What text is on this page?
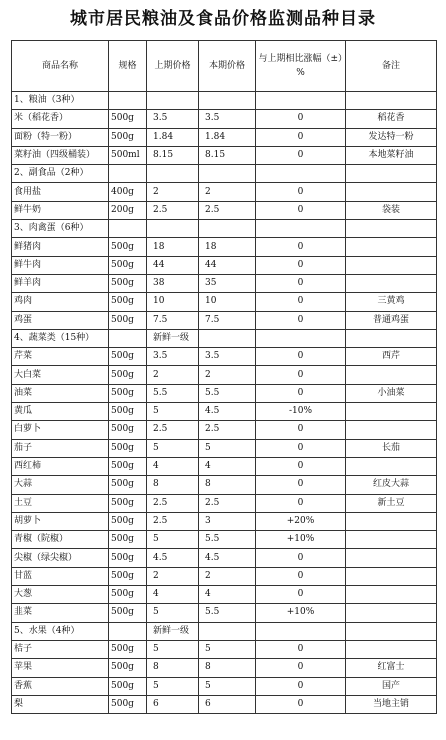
城市居民粮油及食品价格监测品种目录
商品名称	规格	上期价格	本期价格	与上期相比涨幅（±）%	备注
1、粮油（3种）					
米（稻花香）	500g	3.5	3.5	0	稻花香
面粉（特一粉）	500g	1.84	1.84	0	发达特一粉
菜籽油（四级桶装）	500ml	8.15	8.15	0	本地菜籽油
2、副食品（2种）					
食用盐	400g	2	2	0	
鲜牛奶	200g	2.5	2.5	0	袋装
3、肉禽蛋（6种）					
鲜猪肉	500g	18	18	0	
鲜牛肉	500g	44	44	0	
鲜羊肉	500g	38	35	0	
鸡肉	500g	10	10	0	三黄鸡
鸡蛋	500g	7.5	7.5	0	普通鸡蛋
4、蔬菜类（15种）		新鲜一级			
芹菜	500g	3.5	3.5	0	西芹
大白菜	500g	2	2	0	
油菜	500g	5.5	5.5	0	小油菜
黄瓜	500g	5	4.5	-10%	
白萝卜	500g	2.5	2.5	0	
茄子	500g	5	5	0	长茄
西红柿	500g	4	4	0	
大蒜	500g	8	8	0	红皮大蒜
土豆	500g	2.5	2.5	0	新土豆
胡萝卜	500g	2.5	3	+20%	
青椒（院椒）	500g	5	5.5	+10%	
尖椒（绿尖椒）	500g	4.5	4.5	0	
甘蓝	500g	2	2	0	
大葱	500g	4	4	0	
韭菜	500g	5	5.5	+10%	
5、水果（4种）		新鲜一级			
桔子	500g	5	5	0	
苹果	500g	8	8	0	红富士
香蕉	500g	5	5	0	国产
梨	500g	6	6	0	当地主销
